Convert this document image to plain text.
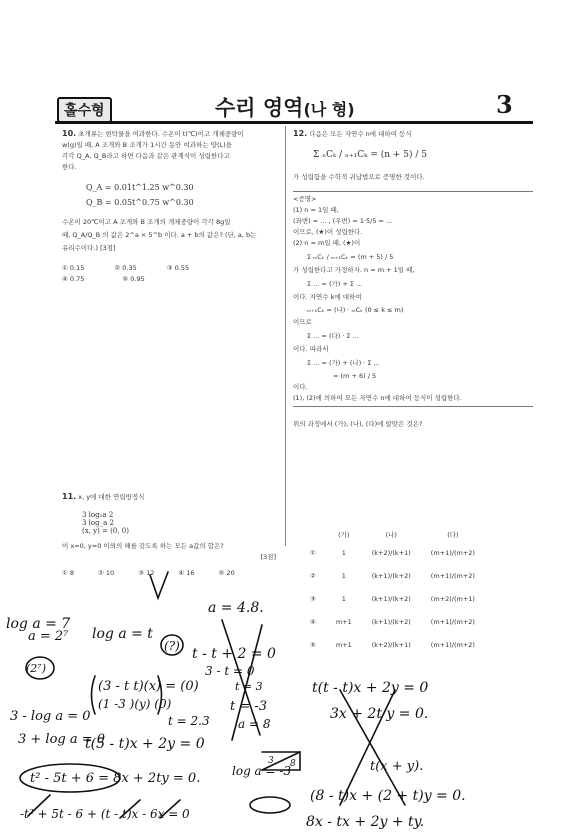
홀수형	수리 영역(나 형)	3
10. 초개류는 현탁물을 여과한다. 수온이 t(℃)이고 개체중량이
w(g)일 때, A 조개와 B 조개가 1시간 동안 여과하는 양(L)을
각각 Q_A, Q_B라고 하면 다음과 같은 관계식이 성립한다고
한다.
Q_A = 0.01t^1.25 w^0.30
Q_B = 0.05t^0.75 w^0.30
수온이 20℃이고 A 조개와 B 조개의 개체중량이 각각 8g일
때, Q_A/Q_B 의 값은 2^a × 5^b 이다. a + b의 값은? (단, a, b는
유리수이다.) [3점]
① 0.15	② 0.35	③ 0.55
④ 0.75	⑤ 0.95
12. 다음은 모든 자연수 n에 대하여 등식
Σ ₙCₖ / ₙ₊₁Cₖ = (n + 5) / 5
가 성립함을 수학적 귀납법으로 증명한 것이다.
<증명>
(1) n = 1일 때,
(좌변) = ... , (우변) = 1·5/5 = ...
이므로, (★)이 성립한다.
(2) n = m일 때, (★)이
Σ ₘCₖ / ₘ₊₁Cₖ = (m + 5) / 5
가 성립한다고 가정하자. n = m + 1일 때,
Σ ... = (가) + Σ ...
이다. 자연수 k에 대하여
ₘ₊₁Cₖ = (나) · ₘCₖ (0 ≤ k ≤ m)
이므로
Σ ... = (다) · Σ ...
이다. 따라서
Σ ... = (가) + (나) · Σ ...
= (m + 6) / 5
이다.
(1), (2)에 의하여 모든 자연수 n에 대하여 등식이 성립한다.
위의 과정에서 (가), (나), (다)에 알맞은 것은?
	(가)	(나)	(다)
①	1	(k+2)/(k+1)	(m+1)/(m+2)
②	1	(k+1)/(k+2)	(m+1)/(m+2)
③	1	(k+1)/(k+2)	(m+2)/(m+1)
④	m+1	(k+1)/(k+2)	(m+1)/(m+2)
⑤	m+1	(k+2)/(k+1)	(m+1)/(m+2)
11. x, y에 대한 연립방정식
3 log₂a 2
3 log_a 2
(x, y) = (0, 0)
이 x=0, y=0 이외의 해를 갖도록 하는 모든 a값의 합은?
[3점]
① 8	② 10	③ 12	④ 16	⑤ 20
log a = 7
a = 2⁷ log a = t
a = 4.8.
t - t + 2 = 0
3 - t = 0
t = 3
t = -3
(3 - t t)(x) = (0)
(1 -3 )(y) (0)
3 - log a = 0	t = 2.3
3 + log a = 0
t(5 - t)x + 2y = 0
t² - 5t + 6 = 8x + 2ty = 0.
-t² + 5t - 6 + (t - t)x - 6x = 0
log a = -3
a = 8
t(t - t)x + 2y = 0
3x + 2t y = 0.
t(x + y).
(8 - t)x + (2 + t)y = 0.
8x - tx + 2y + ty.
3 8
(?)
(2⁷)
